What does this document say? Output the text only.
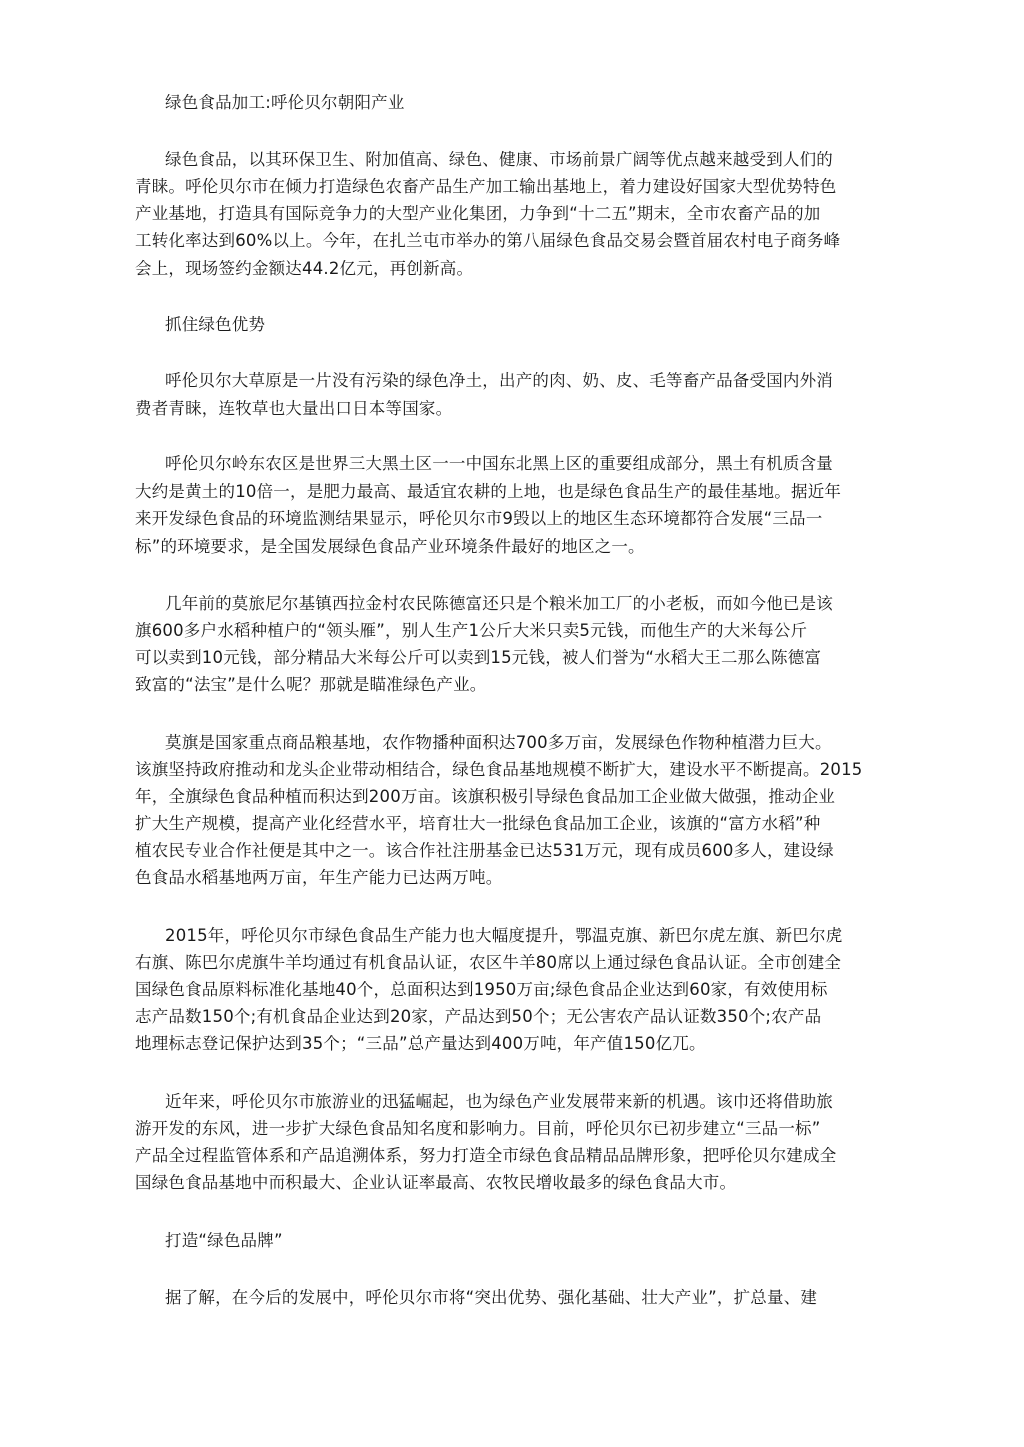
绿色食品加工:呼伦贝尔朝阳产业
绿色食品，以其环保卫生、附加值高、绿色、健康、市场前景广阔等优点越来越受到人们的
青睐。呼伦贝尔市在倾力打造绿色农畜产品生产加工输出基地上，着力建设好国家大型优势特色
产业基地，打造具有国际竞争力的大型产业化集团，力争到“十二五”期末，全市农畜产品的加
工转化率达到60%以上。今年，在扎兰屯市举办的第八届绿色食品交易会暨首届农村电子商务峰
会上，现场签约金额达44.2亿元，再创新高。
抓住绿色优势
呼伦贝尔大草原是一片没有污染的绿色净土，出产的肉、奶、皮、毛等畜产品备受国内外消
费者青睐，连牧草也大量出口日本等国家。
呼伦贝尔岭东农区是世界三大黑土区一一中国东北黑上区的重要组成部分，黑土有机质含量
大约是黄土的10倍一，是肥力最高、最适宜农耕的上地，也是绿色食品生产的最佳基地。据近年
来开发绿色食品的环境监测结果显示，呼伦贝尔市9毁以上的地区生态环境都符合发展“三品一
标”的环境要求，是全国发展绿色食品产业环境条件最好的地区之一。
几年前的莫旅尼尔基镇西拉金村农民陈德富还只是个粮米加工厂的小老板，而如今他已是该
旗600多户水稻种植户的“领头雁”，别人生产1公斤大米只卖5元钱，而他生产的大米每公斤
可以卖到10元钱，部分精品大米每公斤可以卖到15元钱，被人们誉为“水稻大王二那么陈德富
致富的“法宝”是什么呢？那就是瞄准绿色产业。
莫旗是国家重点商品粮基地，农作物播种面积达700多万亩，发展绿色作物种植潜力巨大。
该旗坚持政府推动和龙头企业带动相结合，绿色食品基地规模不断扩大，建设水平不断提高。2015
年，全旗绿色食品种植而积达到200万亩。该旗积极引导绿色食品加工企业做大做强，推动企业
扩大生产规模，提高产业化经营水平，培育壮大一批绿色食品加工企业，该旗的“富方水稻”种
植农民专业合作社便是其中之一。该合作社注册基金已达531万元，现有成员600多人，建设绿
色食品水稻基地两万亩，年生产能力已达两万吨。
2015年，呼伦贝尔市绿色食品生产能力也大幅度提升，鄂温克旗、新巴尔虎左旗、新巴尔虎
右旗、陈巴尔虎旗牛羊均通过有机食品认证，农区牛羊80席以上通过绿色食品认证。全市创建全
国绿色食品原料标准化基地40个，总面积达到1950万亩;绿色食品企业达到60家，有效使用标
志产品数150个;有机食品企业达到20家，产品达到50个；无公害农产品认证数350个;农产品
地理标志登记保护达到35个；“三品”总产量达到400万吨，年产值150亿兀。
近年来，呼伦贝尔市旅游业的迅猛崛起，也为绿色产业发展带来新的机遇。该巾还将借助旅
游开发的东风，进一步扩大绿色食品知名度和影响力。目前，呼伦贝尔已初步建立“三品一标”
产品全过程监管体系和产品追溯体系，努力打造全市绿色食品精品品牌形象，把呼伦贝尔建成全
国绿色食品基地中而积最大、企业认证率最高、农牧民增收最多的绿色食品大市。
打造“绿色品牌”
据了解，在今后的发展中，呼伦贝尔市将“突出优势、强化基础、壮大产业”，扩总量、建
